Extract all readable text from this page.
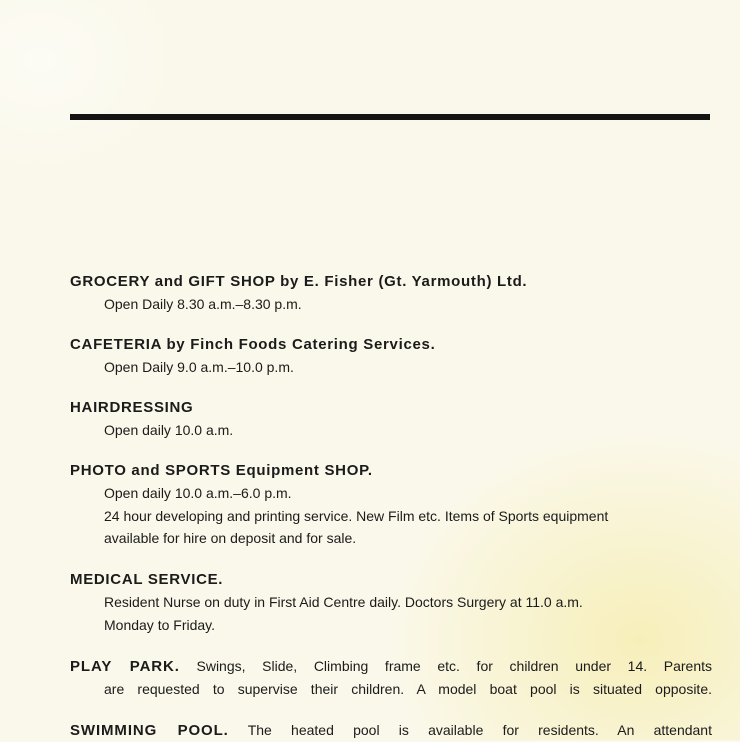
GROCERY and GIFT SHOP by E. Fisher (Gt. Yarmouth) Ltd.
Open Daily 8.30 a.m.–8.30 p.m.
CAFETERIA by Finch Foods Catering Services.
Open Daily 9.0 a.m.–10.0 p.m.
HAIRDRESSING
Open daily 10.0 a.m.
PHOTO and SPORTS Equipment SHOP.
Open daily 10.0 a.m.–6.0 p.m.
24 hour developing and printing service. New Film etc. Items of Sports equipment
available for hire on deposit and for sale.
MEDICAL SERVICE.
Resident Nurse on duty in First Aid Centre daily. Doctors Surgery at 11.0 a.m.
Monday to Friday.
PLAY PARK. Swings, Slide, Climbing frame etc. for children under 14. Parents
are requested to supervise their children. A model boat pool is situated opposite.
SWIMMING POOL. The heated pool is available for residents. An attendant
